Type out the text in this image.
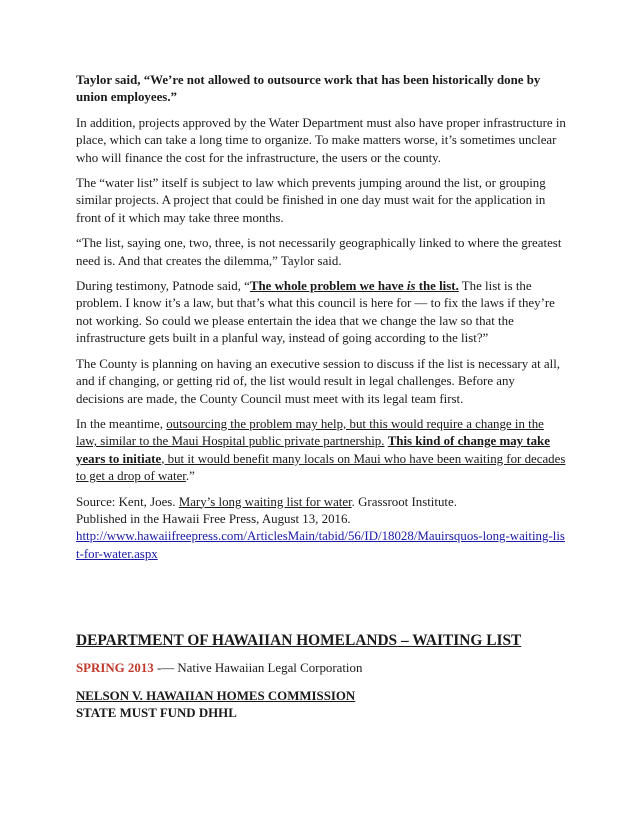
Taylor said, “We’re not allowed to outsource work that has been historically done by union employees.”

In addition, projects approved by the Water Department must also have proper infrastructure in place, which can take a long time to organize. To make matters worse, it’s sometimes unclear who will finance the cost for the infrastructure, the users or the county.

The “water list” itself is subject to law which prevents jumping around the list, or grouping similar projects. A project that could be finished in one day must wait for the application in front of it which may take three months.

“The list, saying one, two, three, is not necessarily geographically linked to where the greatest need is. And that creates the dilemma,” Taylor said.

During testimony, Patnode said, “The whole problem we have is the list. The list is the problem. I know it’s a law, but that’s what this council is here for — to fix the laws if they’re not working. So could we please entertain the idea that we change the law so that the infrastructure gets built in a planful way, instead of going according to the list?”

The County is planning on having an executive session to discuss if the list is necessary at all, and if changing, or getting rid of, the list would result in legal challenges. Before any decisions are made, the County Council must meet with its legal team first.

In the meantime, outsourcing the problem may help, but this would require a change in the law, similar to the Maui Hospital public private partnership. This kind of change may take years to initiate, but it would benefit many locals on Maui who have been waiting for decades to get a drop of water.”

Source: Kent, Joes. Mary’s long waiting list for water. Grassroot Institute.
Published in the Hawaii Free Press, August 13, 2016.
http://www.hawaiifreepress.com/ArticlesMain/tabid/56/ID/18028/Mauirsquos-long-waiting-list-for-water.aspx

DEPARTMENT OF HAWAIIAN HOMELANDS – WAITING LIST

SPRING 2013 -— Native Hawaiian Legal Corporation

NELSON V. HAWAIIAN HOMES COMMISSION
STATE MUST FUND DHHL
